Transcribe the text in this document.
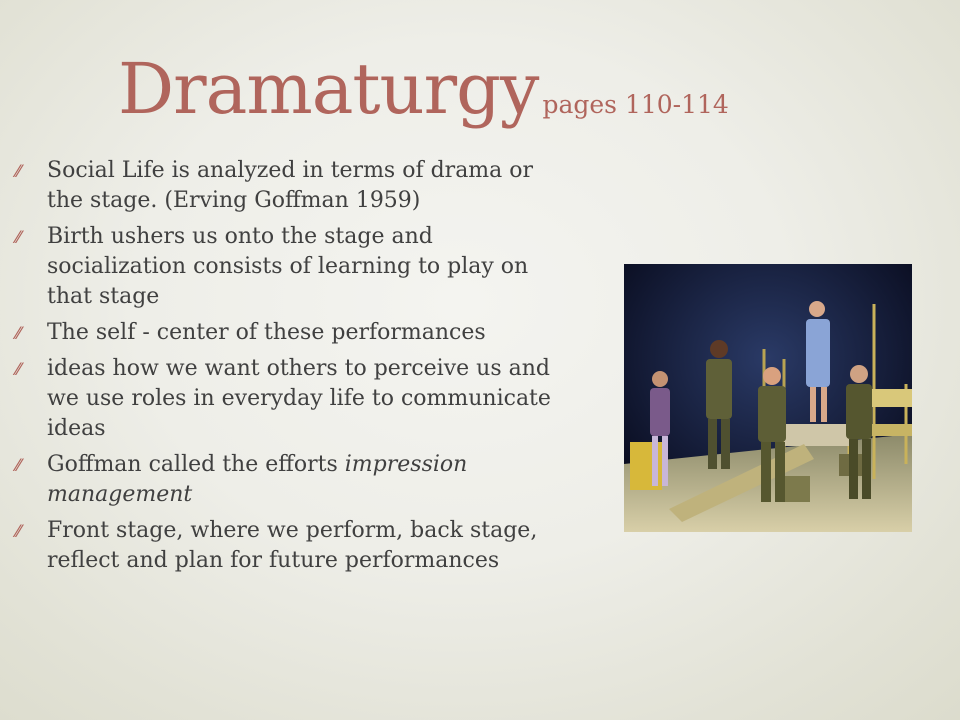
Dramaturgy pages 110-114
Social Life is analyzed in terms of drama or the stage. (Erving Goffman 1959)
Birth ushers us onto the stage and socialization consists of learning to play on that stage
The self - center of these performances
ideas how we want others to perceive us and we use roles in everyday life to communicate ideas
Goffman called the efforts impression management
Front stage, where we perform, back stage, reflect and plan for future performances
